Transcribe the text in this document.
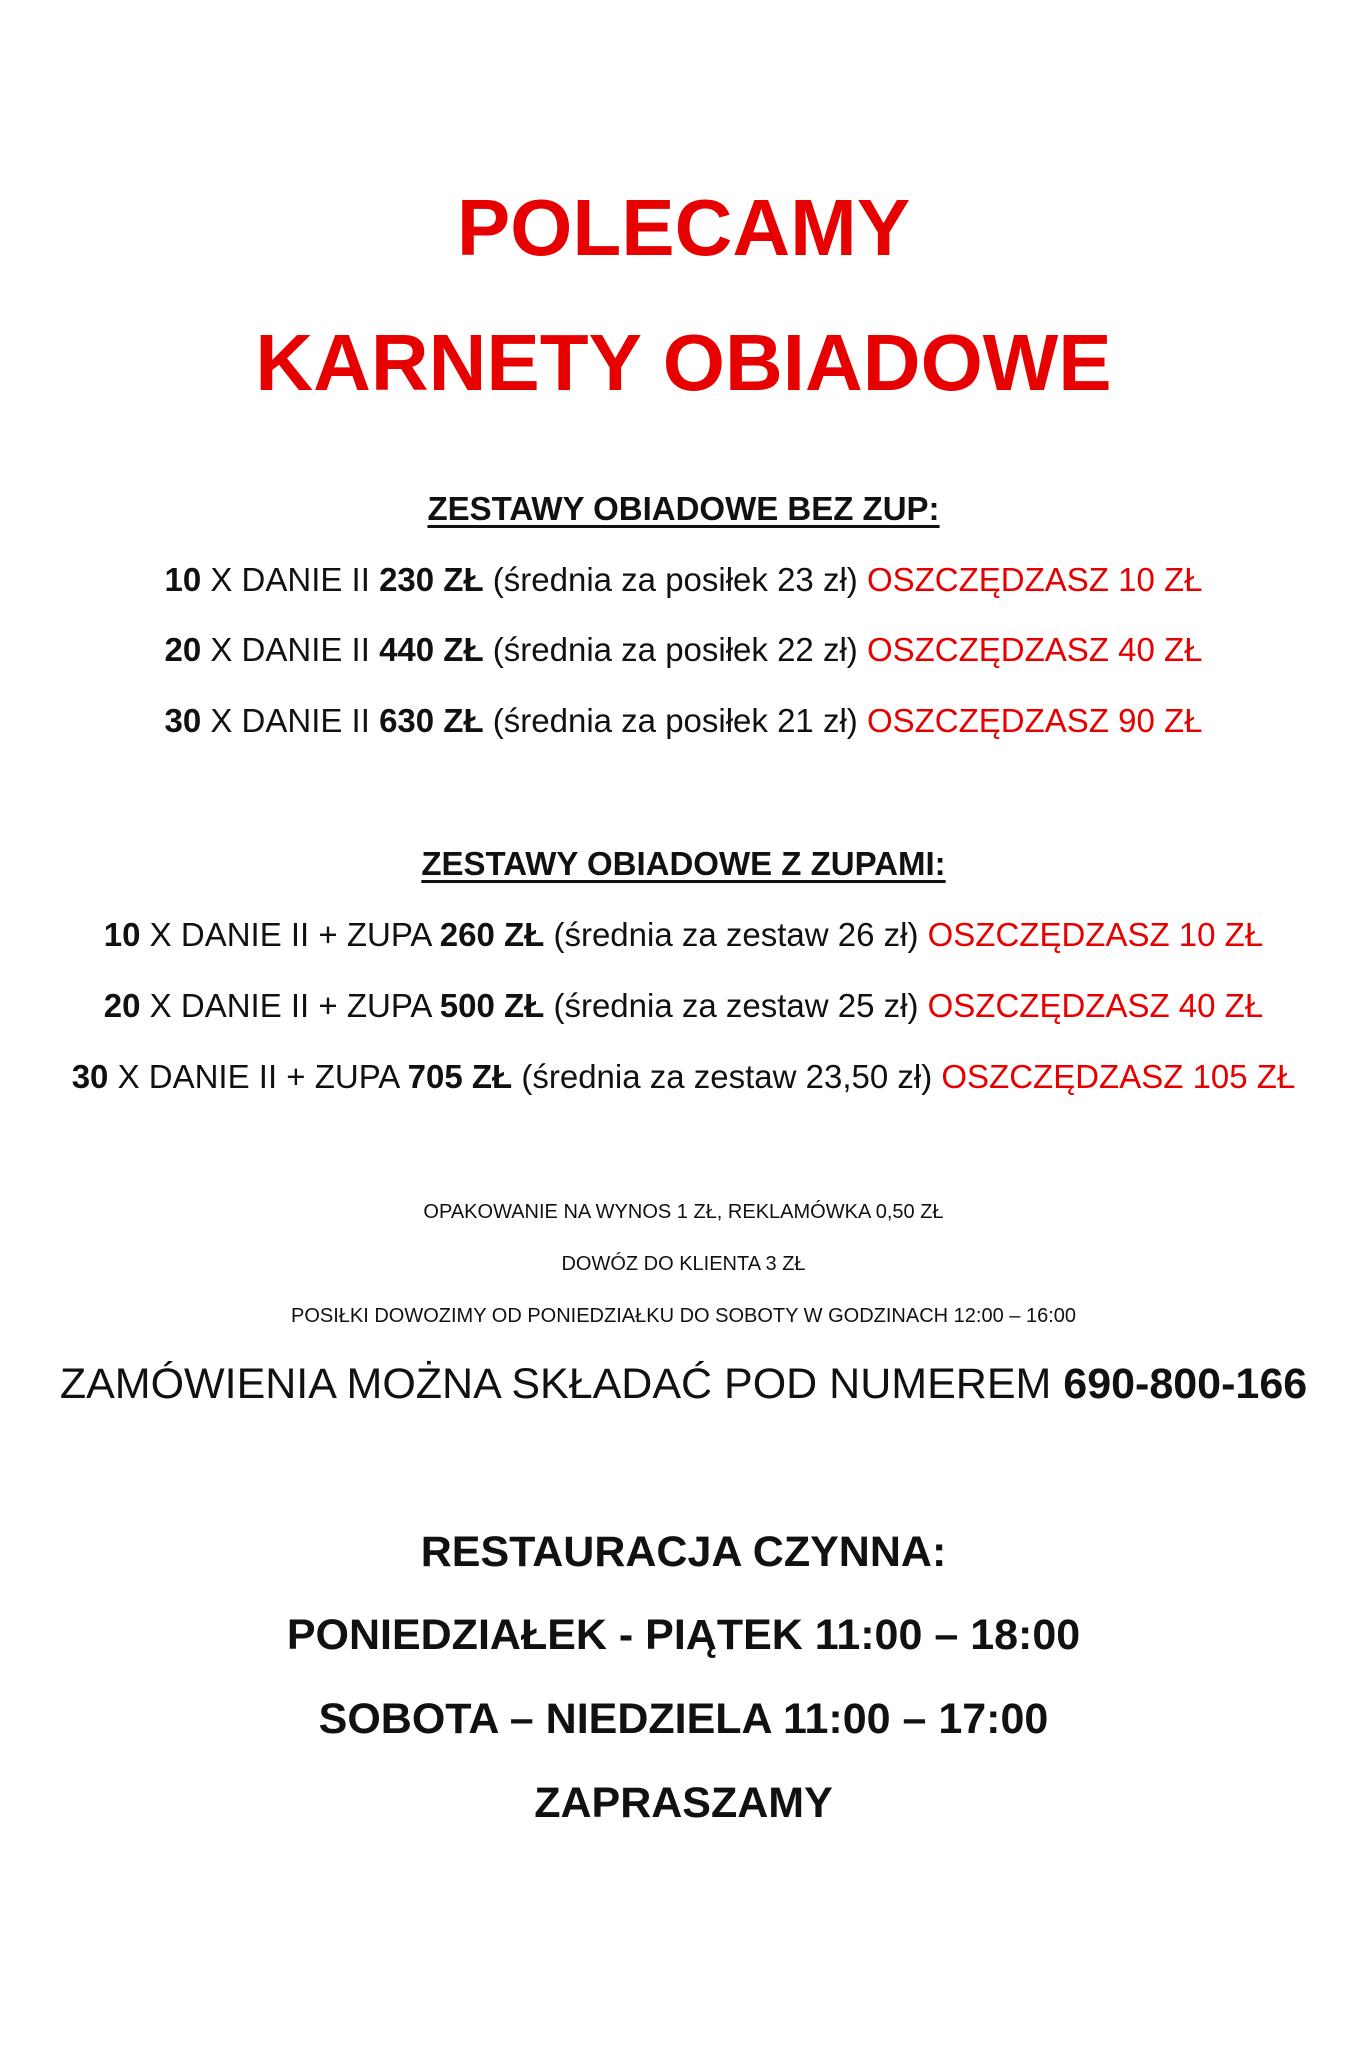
POLECAMY
KARNETY OBIADOWE
ZESTAWY OBIADOWE BEZ ZUP:
10 X DANIE II 230 ZŁ (średnia za posiłek 23 zł) OSZCZĘDZASZ 10 ZŁ
20 X DANIE II 440 ZŁ (średnia za posiłek 22 zł) OSZCZĘDZASZ 40 ZŁ
30 X DANIE II 630 ZŁ (średnia za posiłek 21 zł) OSZCZĘDZASZ 90 ZŁ
ZESTAWY OBIADOWE Z ZUPAMI:
10 X DANIE II + ZUPA 260 ZŁ (średnia za zestaw 26 zł) OSZCZĘDZASZ 10 ZŁ
20 X DANIE II + ZUPA 500 ZŁ (średnia za zestaw 25 zł) OSZCZĘDZASZ 40 ZŁ
30 X DANIE II + ZUPA 705 ZŁ (średnia za zestaw 23,50 zł) OSZCZĘDZASZ 105 ZŁ
OPAKOWANIE NA WYNOS 1 ZŁ, REKLAMÓWKA 0,50 ZŁ
DOWÓZ DO KLIENTA 3 ZŁ
POSIŁKI DOWOZIMY OD PONIEDZIAŁKU DO SOBOTY W GODZINACH 12:00 – 16:00
ZAMÓWIENIA MOŻNA SKŁADAĆ POD NUMEREM 690-800-166
RESTAURACJA CZYNNA:
PONIEDZIAŁEK - PIĄTEK 11:00 – 18:00
SOBOTA – NIEDZIELA 11:00 – 17:00
ZAPRASZAMY
